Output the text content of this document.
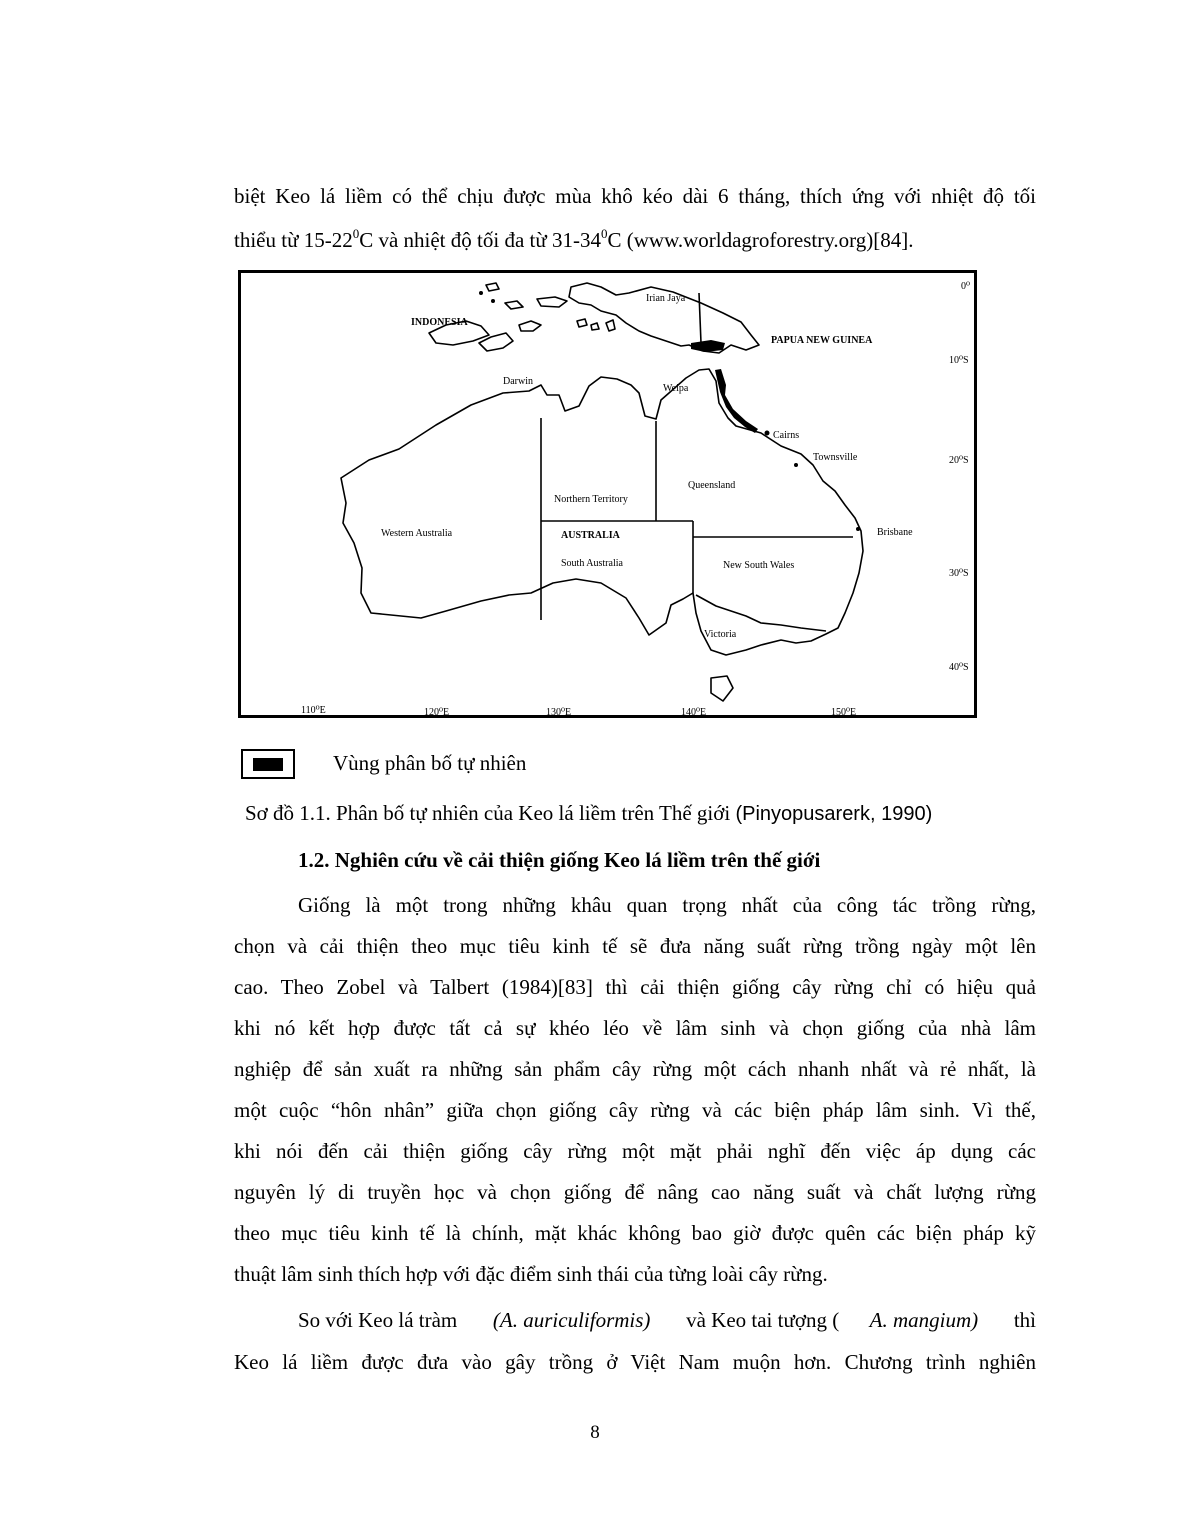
biệt Keo lá liềm có thể chịu được mùa khô kéo dài 6 tháng, thích ứng với nhiệt độ tối
thiểu từ $15-22^0C$ và nhiệt độ tối đa từ $31-34^0C$ (www.worldagroforestry.org)[84].
INDONESIA
Irian Jaya
PAPUA NEW GUINEA
Darwin
Weipa
Cairns
Townsville
Queensland
Northern Territory
Western Australia	AUSTRALIA
South Australia	New South Wales
Brisbane
Victoria
0⁰
10⁰S
20⁰S
30⁰S
40⁰S
110⁰E	120⁰E	130⁰E	140⁰E	150⁰E
Vùng phân bố tự nhiên
Sơ đồ 1.1. Phân bố tự nhiên của Keo lá liềm trên Thế giới (Pinyopusarerk, 1990)
1.2. Nghiên cứu về cải thiện giống Keo lá liềm trên thế giới
Giống là một trong những khâu quan trọng nhất của công tác trồng rừng,
chọn và cải thiện theo mục tiêu kinh tế sẽ đưa năng suất rừng trồng ngày một lên
cao. Theo Zobel và Talbert (1984)[83] thì cải thiện giống cây rừng chỉ có hiệu quả
khi nó kết hợp được tất cả sự khéo léo về lâm sinh và chọn giống của nhà lâm
nghiệp để sản xuất ra những sản phẩm cây rừng một cách nhanh nhất và rẻ nhất, là
một cuộc “hôn nhân” giữa chọn giống cây rừng và các biện pháp lâm sinh. Vì thế,
khi nói đến cải thiện giống cây rừng một mặt phải nghĩ đến việc áp dụng các
nguyên lý di truyền học và chọn giống để nâng cao năng suất và chất lượng rừng
theo mục tiêu kinh tế là chính, mặt khác không bao giờ được quên các biện pháp kỹ
thuật lâm sinh thích hợp với đặc điểm sinh thái của từng loài cây rừng.
So với Keo lá tràm (A. auriculiformis) và Keo tai tượng ( A. mangium) thì
Keo lá liềm được đưa vào gây trồng ở Việt Nam muộn hơn. Chương trình nghiên
8
